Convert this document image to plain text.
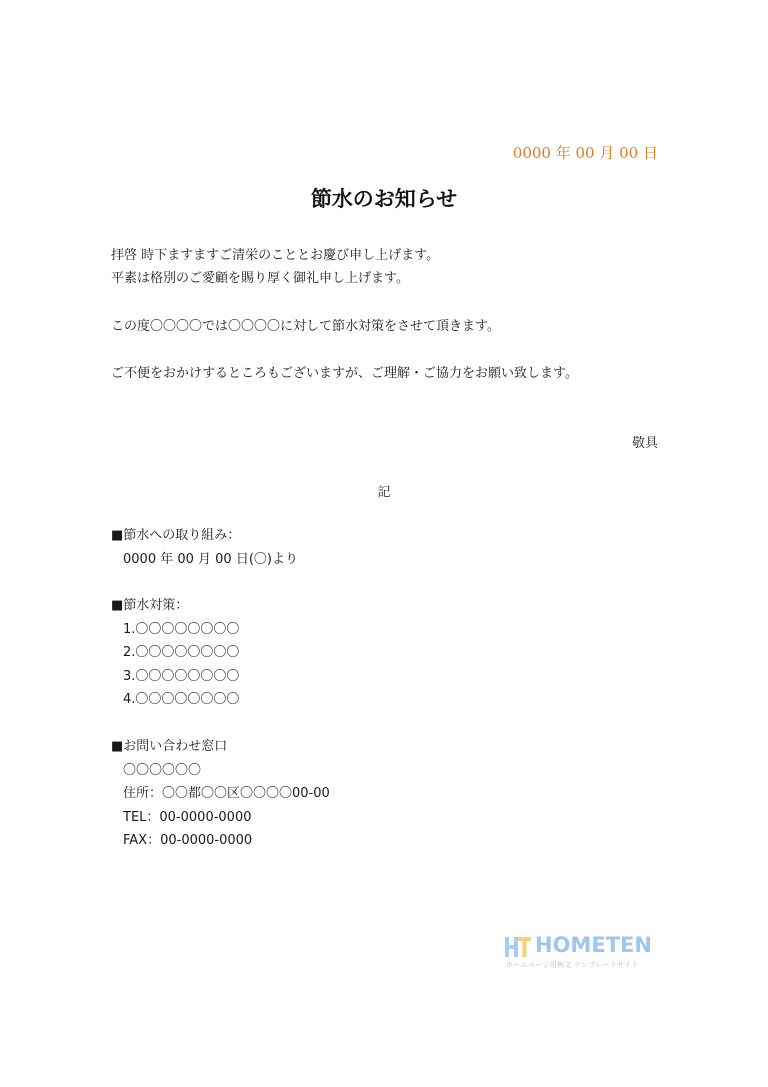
0000 年 00 月 00 日
節水のお知らせ

拝啓 時下ますますご清栄のこととお慶び申し上げます。

平素は格別のご愛顧を賜り厚く御礼申し上げます。

この度〇〇〇〇では〇〇〇〇に対して節水対策をさせて頂きます。

ご不便をおかけするところもございますが、ご理解・ご協力をお願い致します。

敬具
記
■節水への取り組み：
0000 年 00 月 00 日(〇)より
■節水対策：
1.〇〇〇〇〇〇〇〇
2.〇〇〇〇〇〇〇〇
3.〇〇〇〇〇〇〇〇
4.〇〇〇〇〇〇〇〇
■お問い合わせ窓口
〇〇〇〇〇〇
住所：〇〇都〇〇区〇〇〇〇00-00
TEL：00-0000-0000
FAX：00-0000-0000
HOMETEN
ホームページ用例文 テンプレートサイト
